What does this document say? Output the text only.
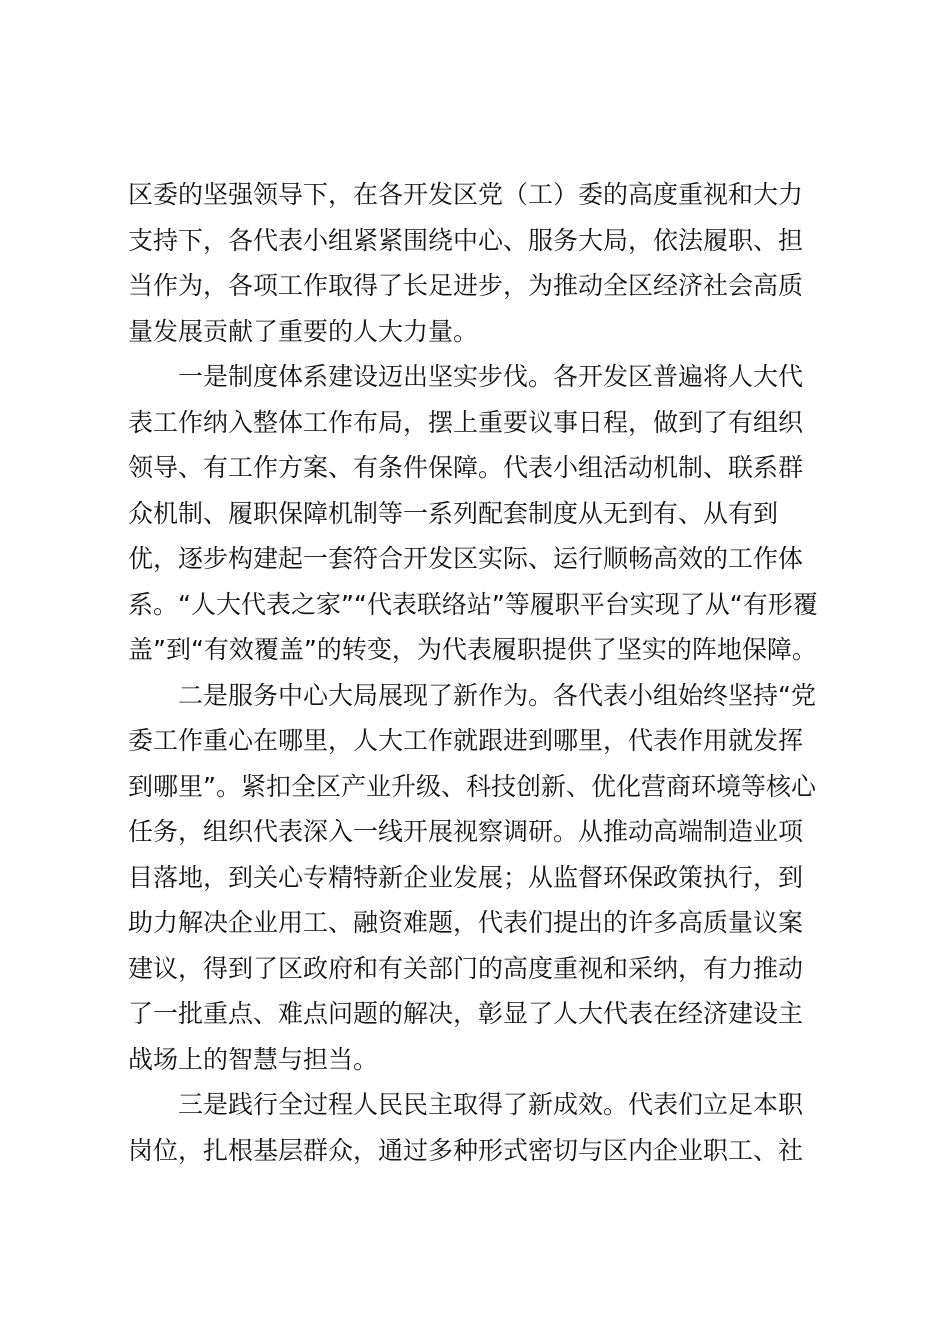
区委的坚强领导下，在各开发区党（工）委的高度重视和大力
支持下，各代表小组紧紧围绕中心、服务大局，依法履职、担
当作为，各项工作取得了长足进步，为推动全区经济社会高质
量发展贡献了重要的人大力量。
一是制度体系建设迈出坚实步伐。各开发区普遍将人大代
表工作纳入整体工作布局，摆上重要议事日程，做到了有组织
领导、有工作方案、有条件保障。代表小组活动机制、联系群
众机制、履职保障机制等一系列配套制度从无到有、从有到
优，逐步构建起一套符合开发区实际、运行顺畅高效的工作体
系。“人大代表之家”“代表联络站”等履职平台实现了从“有形覆
盖”到“有效覆盖”的转变，为代表履职提供了坚实的阵地保障。
二是服务中心大局展现了新作为。各代表小组始终坚持“党
委工作重心在哪里，人大工作就跟进到哪里，代表作用就发挥
到哪里”。紧扣全区产业升级、科技创新、优化营商环境等核心
任务，组织代表深入一线开展视察调研。从推动高端制造业项
目落地，到关心专精特新企业发展；从监督环保政策执行，到
助力解决企业用工、融资难题，代表们提出的许多高质量议案
建议，得到了区政府和有关部门的高度重视和采纳，有力推动
了一批重点、难点问题的解决，彰显了人大代表在经济建设主
战场上的智慧与担当。
三是践行全过程人民民主取得了新成效。代表们立足本职
岗位，扎根基层群众，通过多种形式密切与区内企业职工、社
